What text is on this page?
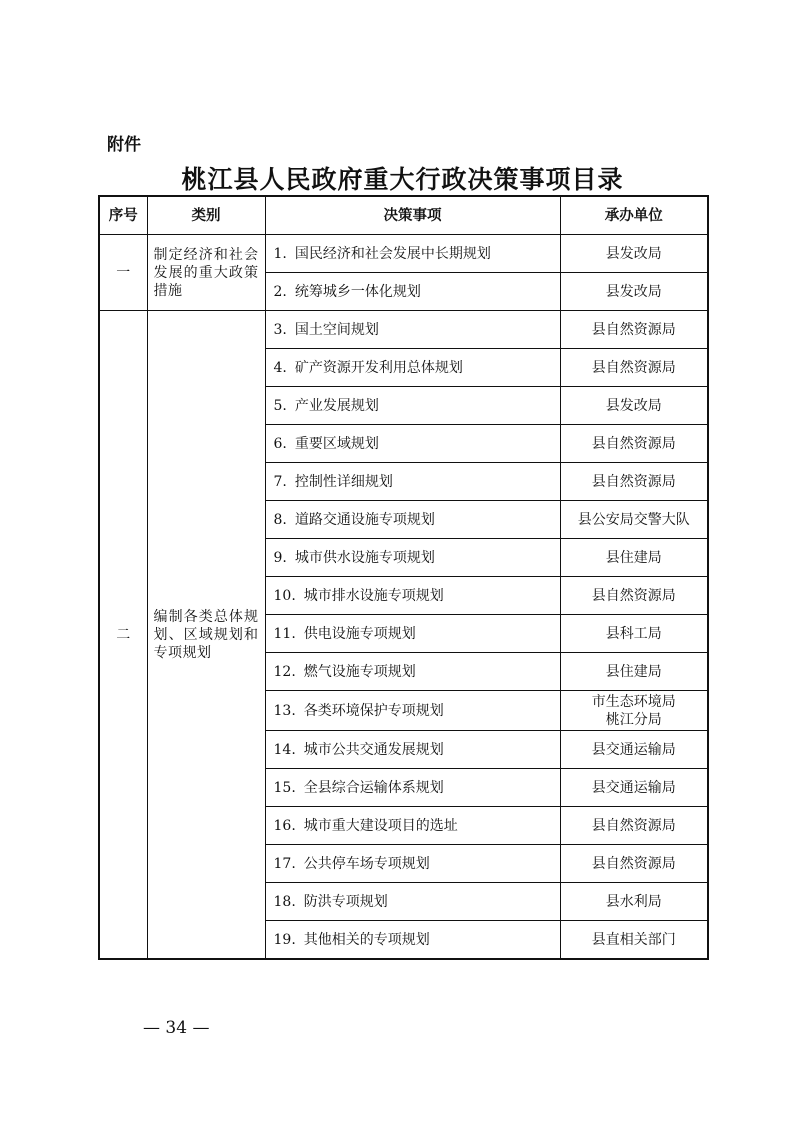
附件
桃江县人民政府重大行政决策事项目录
序号	类别	决策事项	承办单位
一	制定经济和社会发展的重大政策措施	1. 国民经济和社会发展中长期规划	县发改局
		2. 统筹城乡一体化规划	县发改局
二	编制各类总体规划、区域规划和专项规划	3. 国土空间规划	县自然资源局
		4. 矿产资源开发利用总体规划	县自然资源局
		5. 产业发展规划	县发改局
		6. 重要区域规划	县自然资源局
		7. 控制性详细规划	县自然资源局
		8. 道路交通设施专项规划	县公安局交警大队
		9. 城市供水设施专项规划	县住建局
		10. 城市排水设施专项规划	县自然资源局
		11. 供电设施专项规划	县科工局
		12. 燃气设施专项规划	县住建局
		13. 各类环境保护专项规划	市生态环境局
桃江分局
		14. 城市公共交通发展规划	县交通运输局
		15. 全县综合运输体系规划	县交通运输局
		16. 城市重大建设项目的选址	县自然资源局
		17. 公共停车场专项规划	县自然资源局
		18. 防洪专项规划	县水利局
		19. 其他相关的专项规划	县直相关部门
— 34 —
